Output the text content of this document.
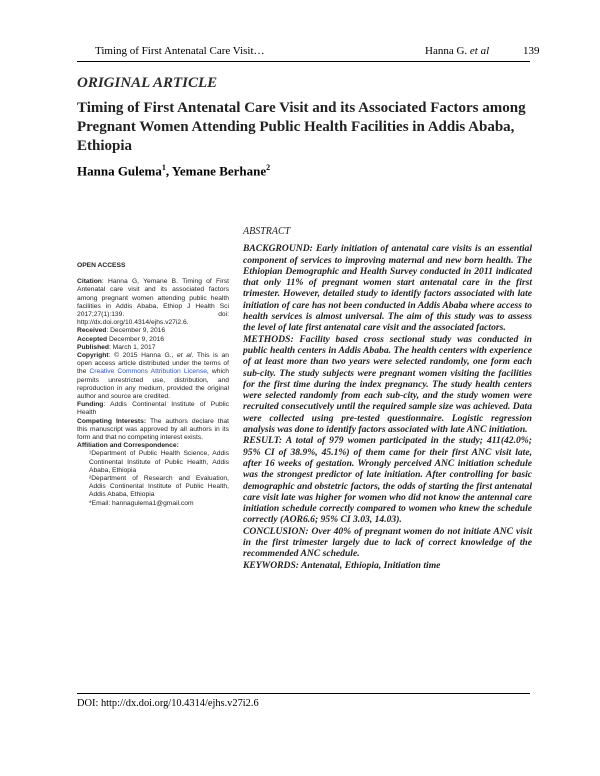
Timing of First Antenatal Care Visit…	Hanna G. et al	139
ORIGINAL ARTICLE
Timing of First Antenatal Care Visit and its Associated Factors among Pregnant Women Attending Public Health Facilities in Addis Ababa, Ethiopia
Hanna Gulema$^1$, Yemane Berhane$^2$
OPEN ACCESS
Citation: Hanna G, Yemane B. Timing of First Antenatal care visit and its associated factors among pregnant women attending public health facilities in Addis Ababa, Ethiop J Health Sci 2017;27(1):139. doi: http://dx.doi.org/10.4314/ejhs.v27i2.6.
Received: December 9, 2016
Accepted December 9, 2016
Published: March 1, 2017
Copyright: © 2015 Hanna G., et al. This is an open access article distributed under the terms of the Creative Commons Attribution License, which permits unrestricted use, distribution, and reproduction in any medium, provided the original author and source are credited.
Funding: Addis Continental Institute of Public Health
Competing Interests: The authors declare that this manuscript was approved by all authors in its form and that no competing interest exists.
Affiliation and Correspondence:
¹Department of Public Health Science, Addis Continental Institute of Public Health, Addis Ababa, Ethiopia
²Department of Research and Evaluation, Addis Continental Institute of Public Health, Addis Ababa, Ethiopia
*Email: hannagulema1@gmail.com
ABSTRACT

BACKGROUND: Early initiation of antenatal care visits is an essential component of services to improving maternal and new born health. The Ethiopian Demographic and Health Survey conducted in 2011 indicated that only 11% of pregnant women start antenatal care in the first trimester. However, detailed study to identify factors associated with late initiation of care has not been conducted in Addis Ababa where access to health services is almost universal. The aim of this study was to assess the level of late first antenatal care visit and the associated factors.

METHODS: Facility based cross sectional study was conducted in public health centers in Addis Ababa. The health centers with experience of at least more than two years were selected randomly, one form each sub-city. The study subjects were pregnant women visiting the facilities for the first time during the index pregnancy. The study health centers were selected randomly from each sub-city, and the study women were recruited consecutively until the required sample size was achieved. Data were collected using pre-tested questionnaire. Logistic regression analysis was done to identify factors associated with late ANC initiation.

RESULT: A total of 979 women participated in the study; 411(42.0%; 95% CI of 38.9%, 45.1%) of them came for their first ANC visit late, after 16 weeks of gestation. Wrongly perceived ANC initiation schedule was the strongest predictor of late initiation. After controlling for basic demographic and obstetric factors, the odds of starting the first antenatal care visit late was higher for women who did not know the antennal care initiation schedule correctly compared to women who knew the schedule correctly (AOR6.6; 95% CI 3.03, 14.03).

CONCLUSION: Over 40% of pregnant women do not initiate ANC visit in the first trimester largely due to lack of correct knowledge of the recommended ANC schedule.

KEYWORDS: Antenatal, Ethiopia, Initiation time

DOI: http://dx.doi.org/10.4314/ejhs.v27i2.6
